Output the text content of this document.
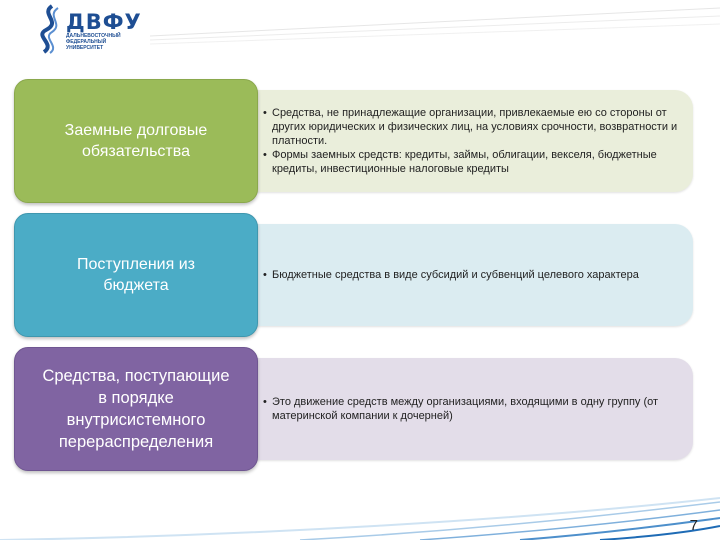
ДВФУ
ДАЛЬНЕВОСТОЧНЫЙ
ФЕДЕРАЛЬНЫЙ
УНИВЕРСИТЕТ
• Средства, не принадлежащие организации, привлекаемые ею со стороны от других юридических и физических лиц, на условиях срочности, возвратности и платности.
• Формы заемных средств: кредиты, займы, облигации, векселя, бюджетные кредиты, инвестиционные налоговые кредиты
Заемные долговые
обязательства
• Бюджетные средства в виде субсидий и субвенций целевого характера
Поступления из
бюджета
• Это движение средств между организациями, входящими в одну группу (от материнской компании к дочерней)
Средства, поступающие
в порядке
внутрисистемного
перераспределения
7
